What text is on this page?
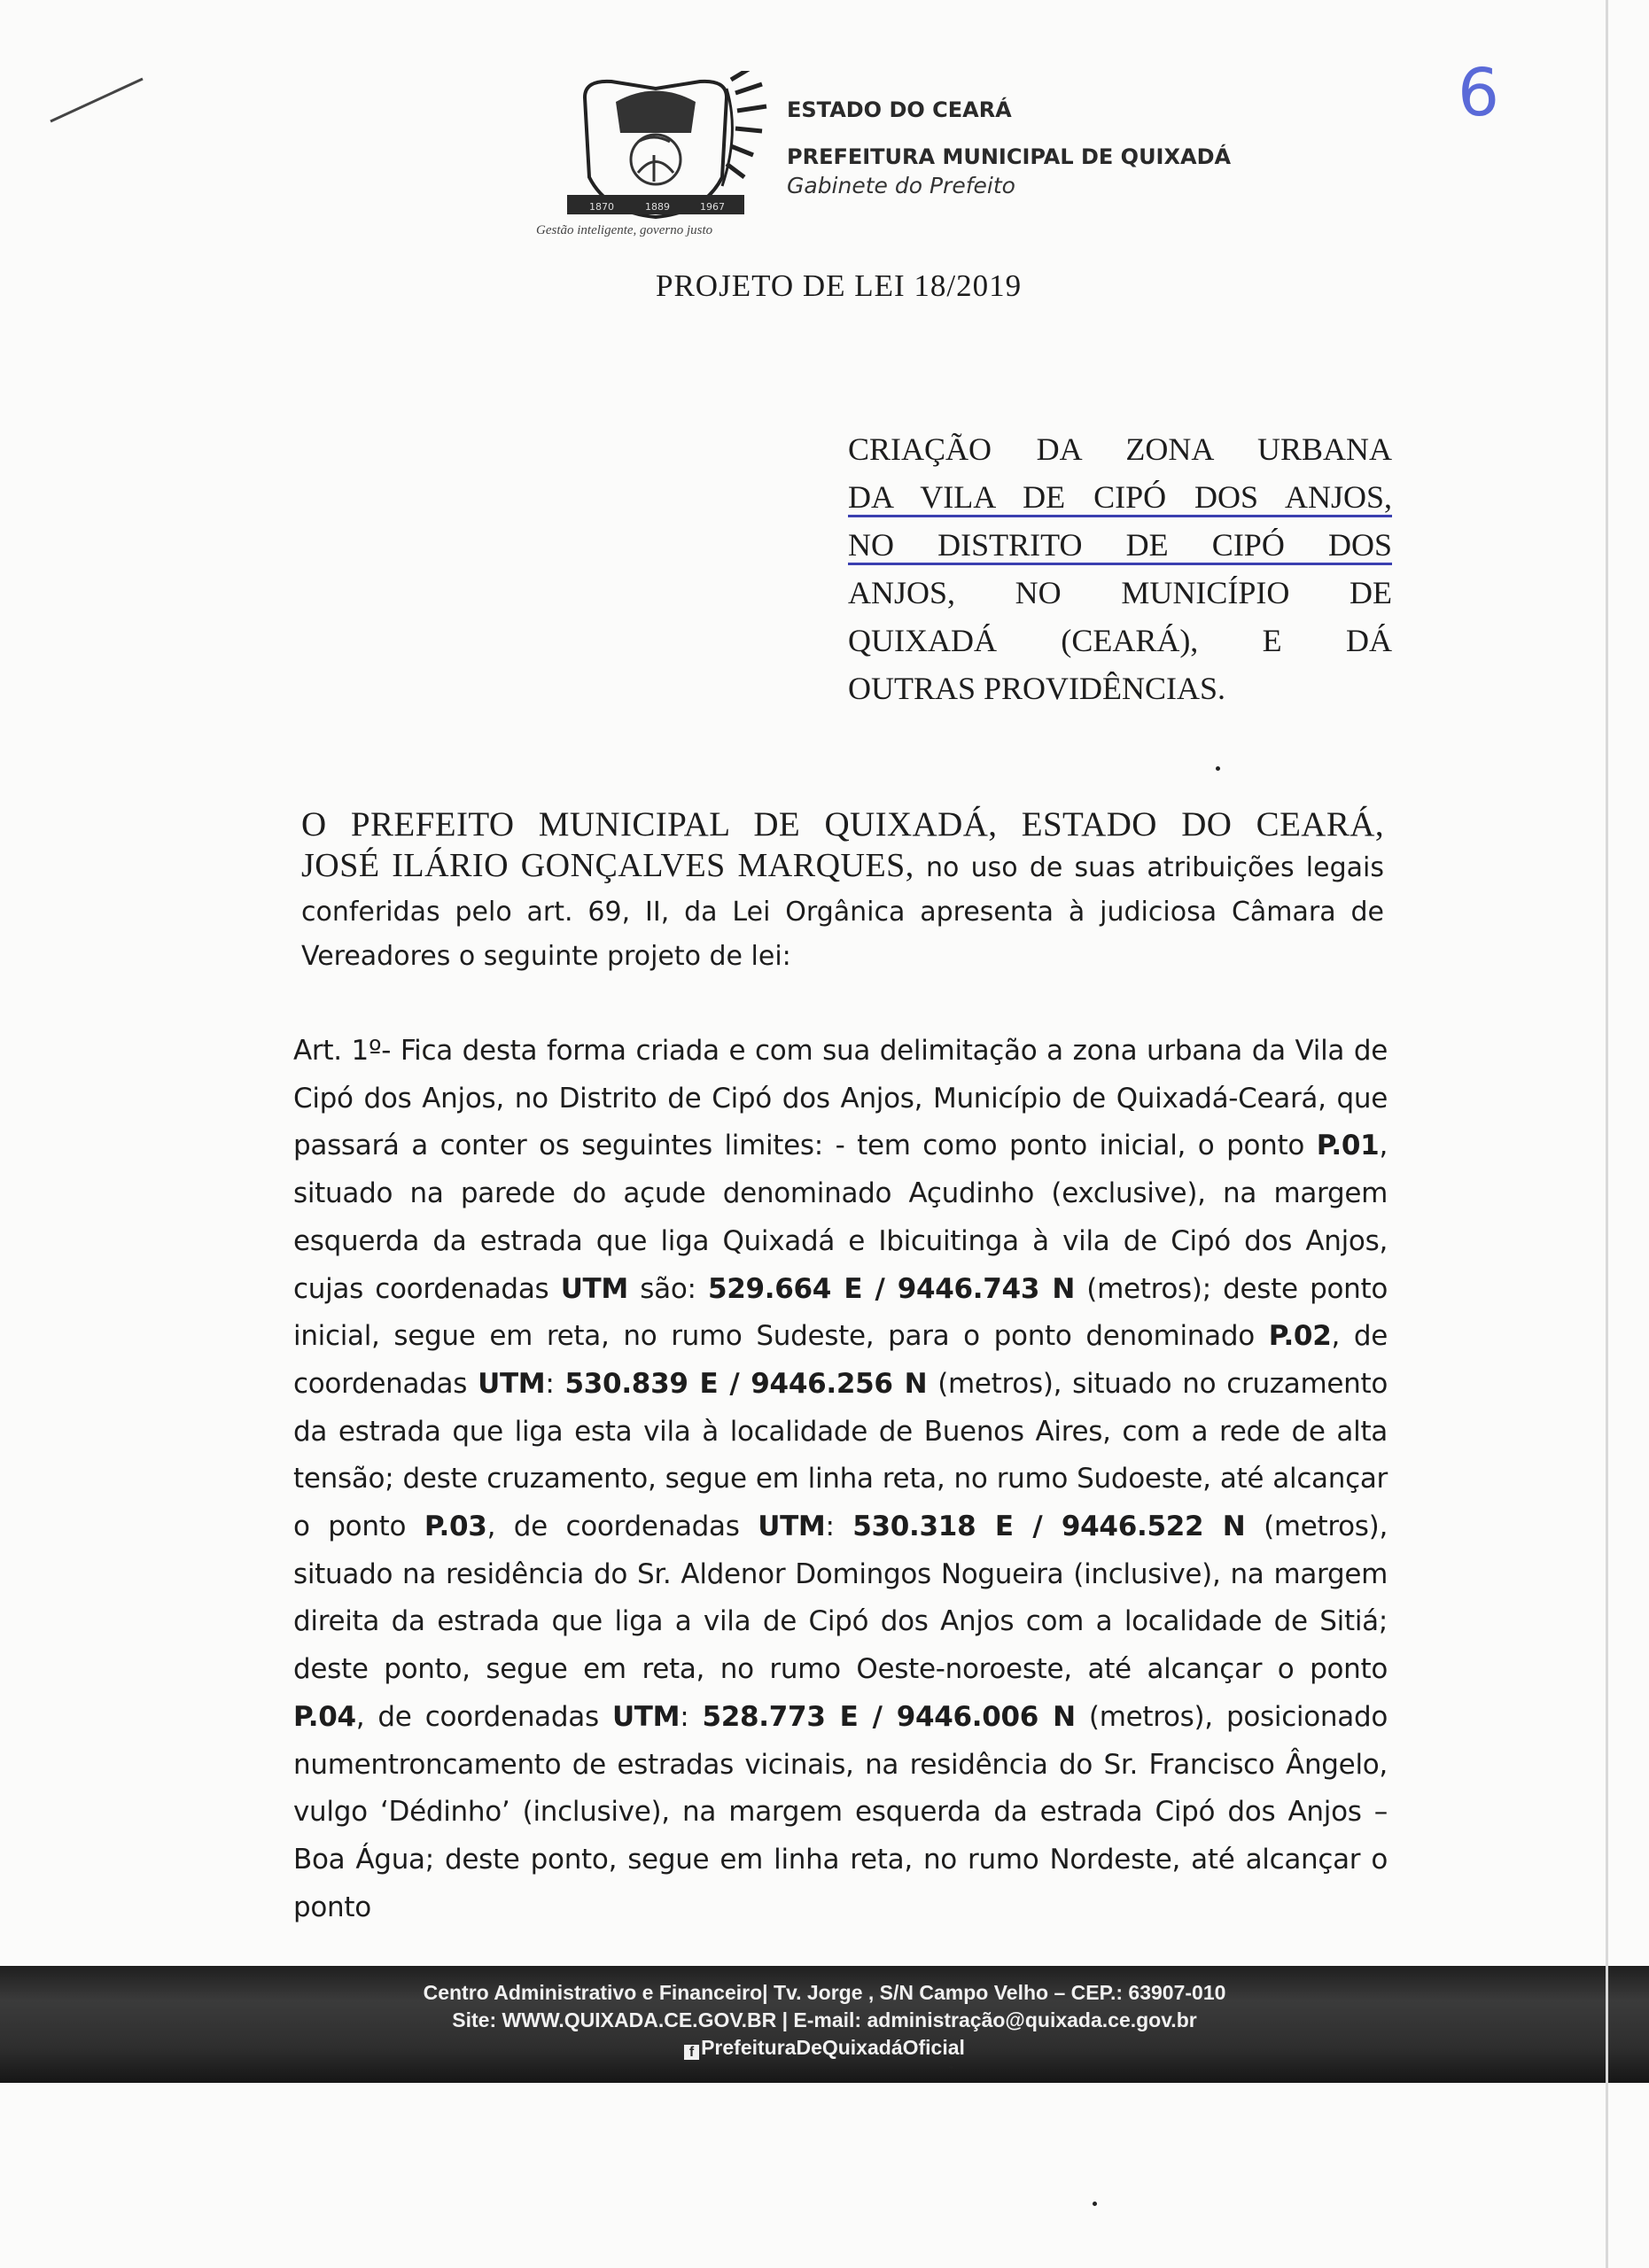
1870	1889	1967
Gestão inteligente, governo justo
ESTADO DO CEARÁ
PREFEITURA MUNICIPAL DE QUIXADÁ
Gabinete do Prefeito
6
PROJETO DE LEI 18/2019
CRIAÇÃO DA ZONA URBANA
DA VILA DE CIPÓ DOS ANJOS,
NO DISTRITO DE CIPÓ DOS
ANJOS, NO MUNICÍPIO DE
QUIXADÁ (CEARÁ), E DÁ
OUTRAS PROVIDÊNCIAS.
O PREFEITO MUNICIPAL DE QUIXADÁ, ESTADO DO CEARÁ,
JOSÉ ILÁRIO GONÇALVES MARQUES, no uso de suas atribuições legais conferidas pelo art. 69, II, da Lei Orgânica apresenta à judiciosa Câmara de Vereadores o seguinte projeto de lei:
Art. 1º- Fica desta forma criada e com sua delimitação a zona urbana da Vila de Cipó dos Anjos, no Distrito de Cipó dos Anjos, Município de Quixadá-Ceará, que passará a conter os seguintes limites: - tem como ponto inicial, o ponto P.01, situado na parede do açude denominado Açudinho (exclusive), na margem esquerda da estrada que liga Quixadá e Ibicuitinga à vila de Cipó dos Anjos, cujas coordenadas UTM são: 529.664 E / 9446.743 N (metros); deste ponto inicial, segue em reta, no rumo Sudeste, para o ponto denominado P.02, de coordenadas UTM: 530.839 E / 9446.256 N (metros), situado no cruzamento da estrada que liga esta vila à localidade de Buenos Aires, com a rede de alta tensão; deste cruzamento, segue em linha reta, no rumo Sudoeste, até alcançar o ponto P.03, de coordenadas UTM: 530.318 E / 9446.522 N (metros), situado na residência do Sr. Aldenor Domingos Nogueira (inclusive), na margem direita da estrada que liga a vila de Cipó dos Anjos com a localidade de Sitiá; deste ponto, segue em reta, no rumo Oeste-noroeste, até alcançar o ponto P.04, de coordenadas UTM: 528.773 E / 9446.006 N (metros), posicionado numentroncamento de estradas vicinais, na residência do Sr. Francisco Ângelo, vulgo ‘Dédinho’ (inclusive), na margem esquerda da estrada Cipó dos Anjos – Boa Água; deste ponto, segue em linha reta, no rumo Nordeste, até alcançar o ponto
Centro Administrativo e Financeiro| Tv. Jorge , S/N Campo Velho – CEP.: 63907-010
Site: WWW.QUIXADA.CE.GOV.BR | E-mail: administração@quixada.ce.gov.br
f PrefeituraDeQuixadáOficial
